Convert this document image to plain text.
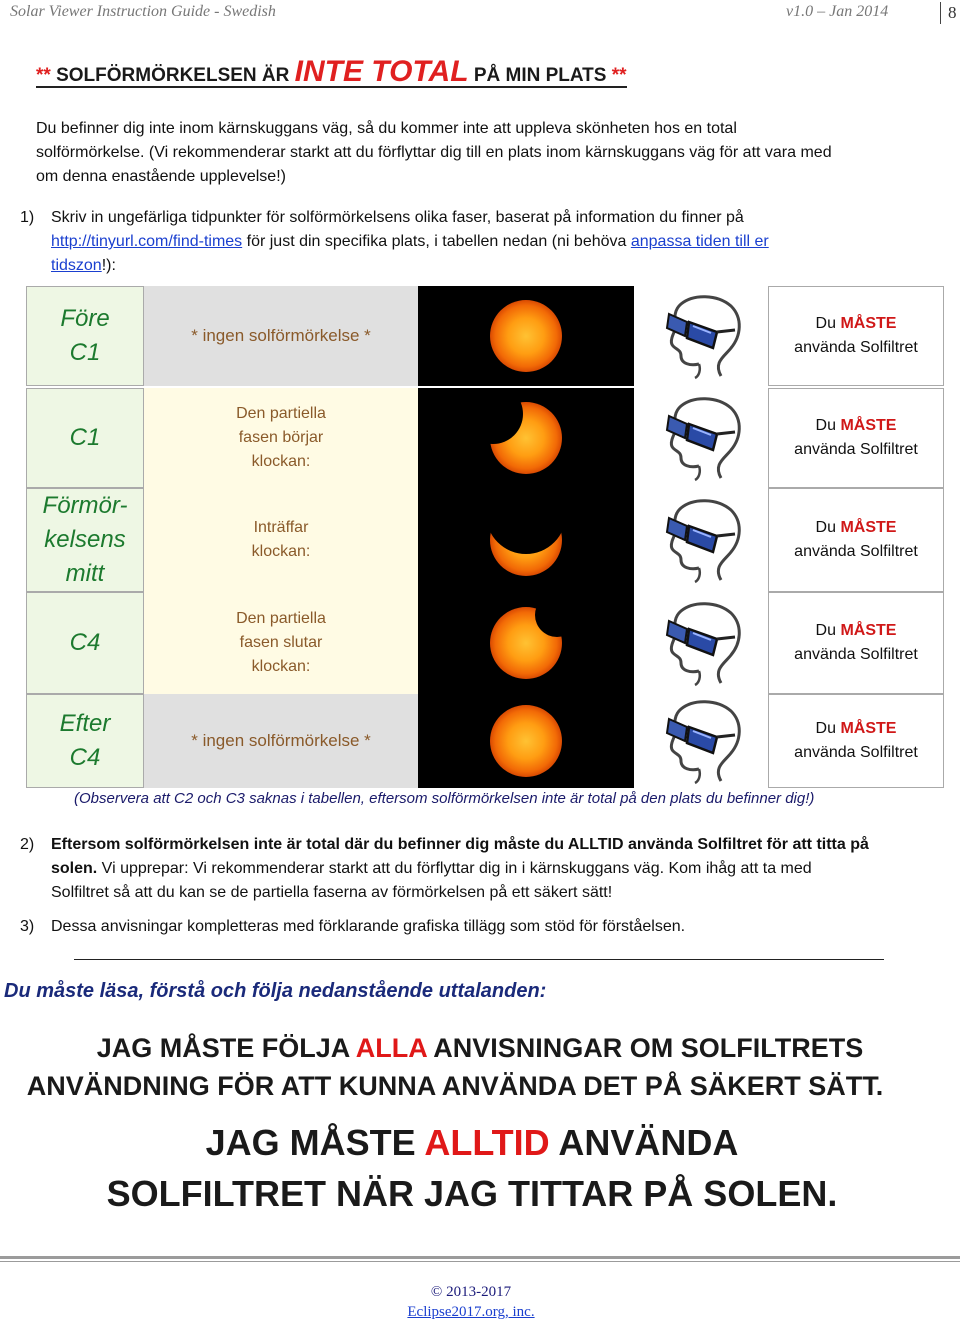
Solar Viewer Instruction Guide - Swedish	v1.0 – Jan 2014	8
** SOLFÖRMÖRKELSEN ÄR INTE TOTAL PÅ MIN PLATS **
Du befinner dig inte inom kärnskuggans väg, så du kommer inte att uppleva skönheten hos en total
solförmörkelse. (Vi rekommenderar starkt att du förflyttar dig till en plats inom kärnskuggans väg för att vara med
om denna enastående upplevelse!)
1) Skriv in ungefärliga tidpunkter för solförmörkelsens olika faser, baserat på information du finner på
http://tinyurl.com/find-times för just din specifika plats, i tabellen nedan (ni behöva anpassa tiden till er
tidszon!):
Före
C1
* ingen solförmörkelse *
Du MÅSTE
använda Solfiltret
C1
Den partiella
fasen börjar
klockan:
Du MÅSTE
använda Solfiltret
Förmör-
kelsens
mitt
Inträffar
klockan:
Du MÅSTE
använda Solfiltret
C4
Den partiella
fasen slutar
klockan:
Du MÅSTE
använda Solfiltret
Efter
C4
* ingen solförmörkelse *
Du MÅSTE
använda Solfiltret
(Observera att C2 och C3 saknas i tabellen, eftersom solförmörkelsen inte är total på den plats du befinner dig!)
2) Eftersom solförmörkelsen inte är total där du befinner dig måste du ALLTID använda Solfiltret för att titta på
solen. Vi upprepar: Vi rekommenderar starkt att du förflyttar dig in i kärnskuggans väg. Kom ihåg att ta med
Solfiltret så att du kan se de partiella faserna av förmörkelsen på ett säkert sätt!
3) Dessa anvisningar kompletteras med förklarande grafiska tillägg som stöd för förståelsen.
Du måste läsa, förstå och följa nedanstående uttalanden:
JAG MÅSTE FÖLJA ALLA ANVISNINGAR OM SOLFILTRETS
ANVÄNDNING FÖR ATT KUNNA ANVÄNDA DET PÅ SÄKERT SÄTT.
JAG MÅSTE ALLTID ANVÄNDA
SOLFILTRET NÄR JAG TITTAR PÅ SOLEN.
© 2013-2017
Eclipse2017.org, inc.
